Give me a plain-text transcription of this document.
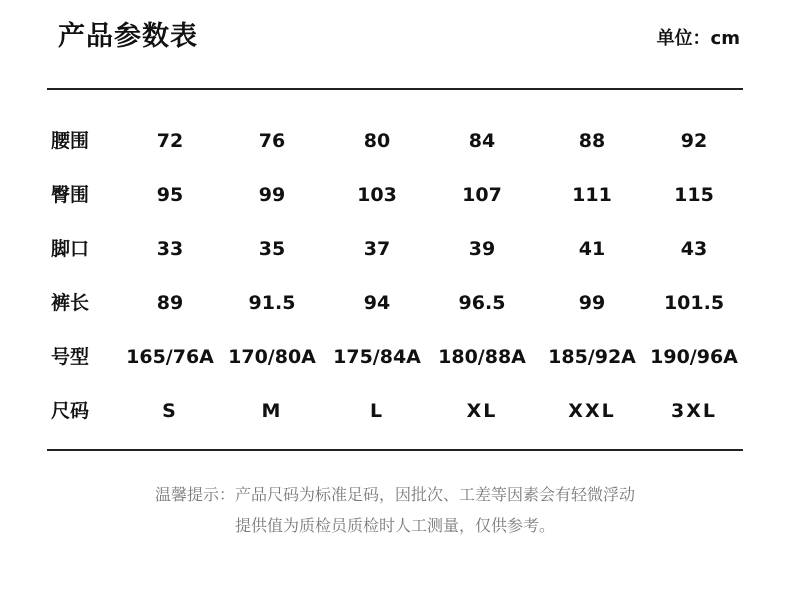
产品参数表	单位：cm
腰围	72	76	80	84	88	92
臀围	95	99	103	107	111	115
脚口	33	35	37	39	41	43
裤长	89	91.5	94	96.5	99	101.5
号型	165/76A 170/80A 175/84A 180/88A	185/92A 190/96A
尺码	S	M	L	XL	XXL	3XL
温馨提示：产品尺码为标准足码，因批次、工差等因素会有轻微浮动
提供值为质检员质检时人工测量，仅供参考。
